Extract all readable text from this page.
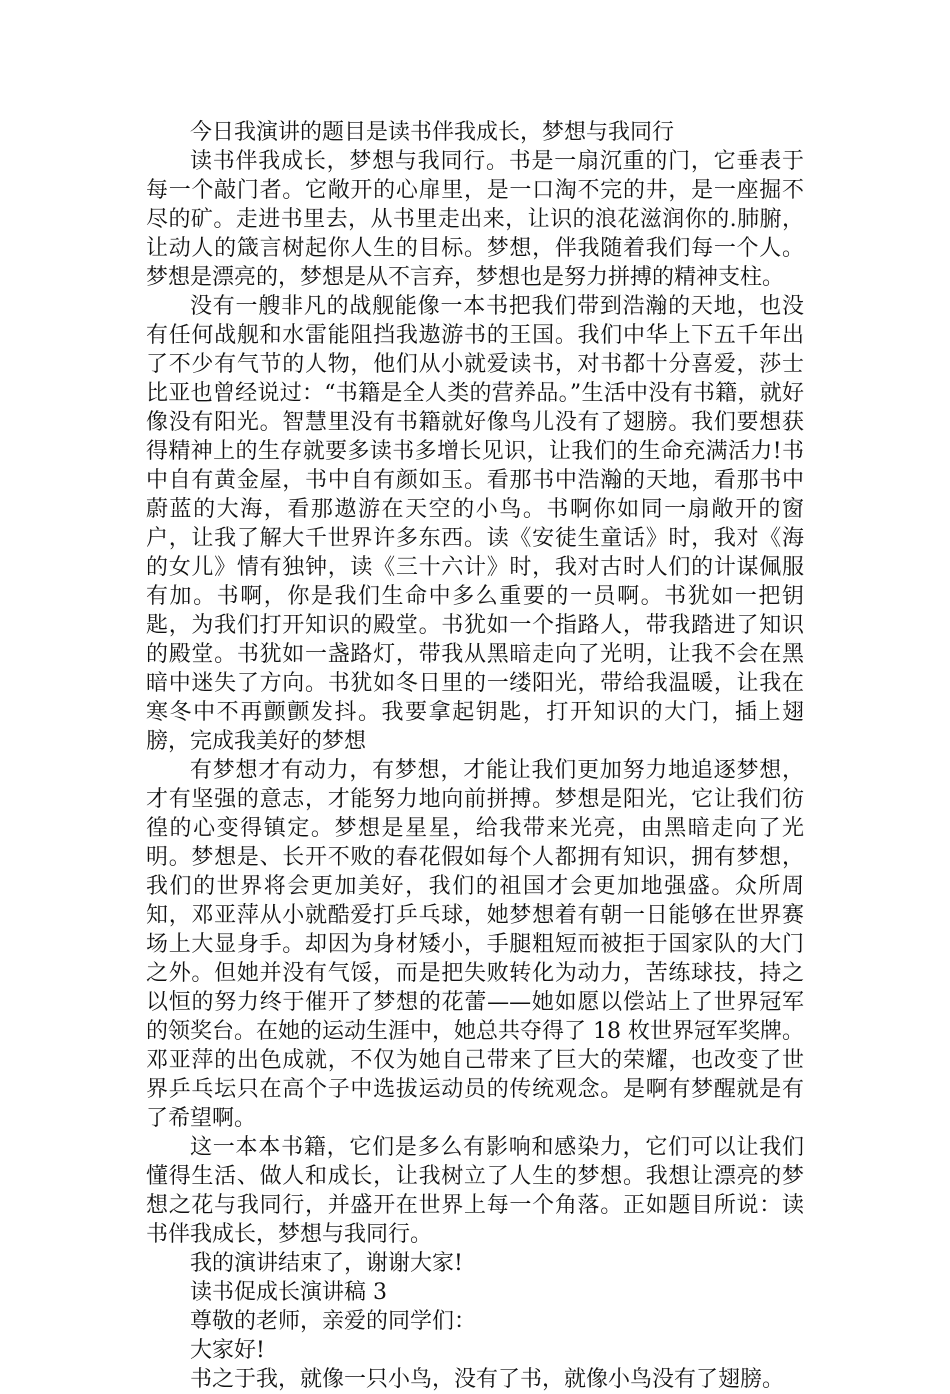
今日我演讲的题目是读书伴我成长，梦想与我同行

读书伴我成长，梦想与我同行。书是一扇沉重的门，它垂表于每一个敲门者。它敞开的心扉里，是一口淘不完的井，是一座掘不尽的矿。走进书里去，从书里走出来，让识的浪花滋润你的.肺腑，让动人的箴言树起你人生的目标。梦想，伴我随着我们每一个人。梦想是漂亮的，梦想是从不言弃，梦想也是努力拼搏的精神支柱。

没有一艘非凡的战舰能像一本书把我们带到浩瀚的天地，也没有任何战舰和水雷能阻挡我遨游书的王国。我们中华上下五千年出了不少有气节的人物，他们从小就爱读书，对书都十分喜爱，莎士比亚也曾经说过：“书籍是全人类的营养品。”生活中没有书籍，就好像没有阳光。智慧里没有书籍就好像鸟儿没有了翅膀。我们要想获得精神上的生存就要多读书多增长见识，让我们的生命充满活力!书中自有黄金屋，书中自有颜如玉。看那书中浩瀚的天地，看那书中蔚蓝的大海，看那遨游在天空的小鸟。书啊你如同一扇敞开的窗户，让我了解大千世界许多东西。读《安徒生童话》时，我对《海的女儿》情有独钟，读《三十六计》时，我对古时人们的计谋佩服有加。书啊，你是我们生命中多么重要的一员啊。书犹如一把钥匙，为我们打开知识的殿堂。书犹如一个指路人，带我踏进了知识的殿堂。书犹如一盏路灯，带我从黑暗走向了光明，让我不会在黑暗中迷失了方向。书犹如冬日里的一缕阳光，带给我温暖，让我在寒冬中不再颤颤发抖。我要拿起钥匙，打开知识的大门，插上翅膀，完成我美好的梦想

有梦想才有动力，有梦想，才能让我们更加努力地追逐梦想，才有坚强的意志，才能努力地向前拼搏。梦想是阳光，它让我们彷徨的心变得镇定。梦想是星星，给我带来光亮，由黑暗走向了光明。梦想是、长开不败的春花假如每个人都拥有知识，拥有梦想，我们的世界将会更加美好，我们的祖国才会更加地强盛。众所周知，邓亚萍从小就酷爱打乒乓球，她梦想着有朝一日能够在世界赛场上大显身手。却因为身材矮小，手腿粗短而被拒于国家队的大门之外。但她并没有气馁，而是把失败转化为动力，苦练球技，持之以恒的努力终于催开了梦想的花蕾——她如愿以偿站上了世界冠军的领奖台。在她的运动生涯中，她总共夺得了 18 枚世界冠军奖牌。邓亚萍的出色成就，不仅为她自己带来了巨大的荣耀，也改变了世界乒乓坛只在高个子中选拔运动员的传统观念。是啊有梦醒就是有了希望啊。

这一本本书籍，它们是多么有影响和感染力，它们可以让我们懂得生活、做人和成长，让我树立了人生的梦想。我想让漂亮的梦想之花与我同行，并盛开在世界上每一个角落。正如题目所说：读书伴我成长，梦想与我同行。

我的演讲结束了，谢谢大家!

读书促成长演讲稿 3

尊敬的老师，亲爱的同学们：

大家好!

书之于我，就像一只小鸟，没有了书，就像小鸟没有了翅膀。
